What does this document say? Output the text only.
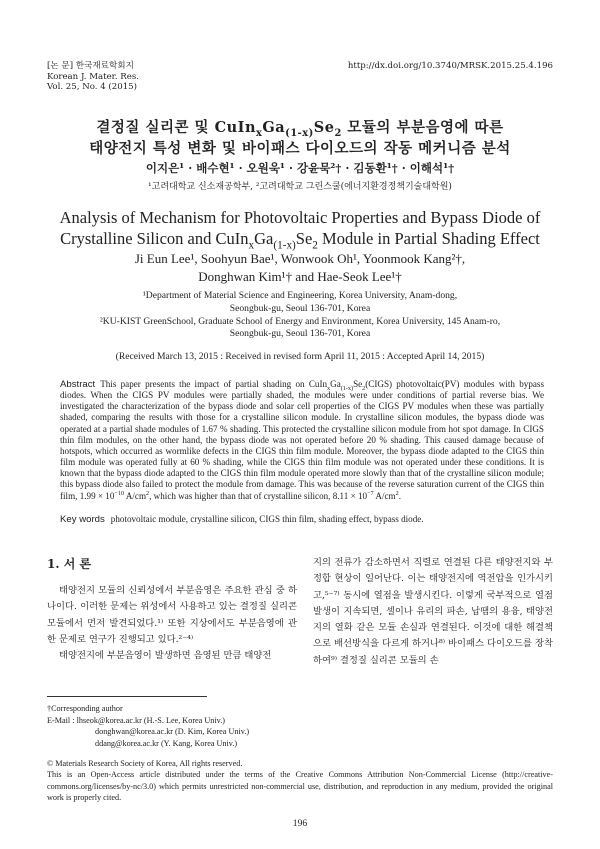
[논 문] 한국재료학회지
Korean J. Mater. Res.
Vol. 25, No. 4 (2015)
http://dx.doi.org/10.3740/MRSK.2015.25.4.196
결정질 실리콘 및 $CuIn_xGa_{(1-x)}Se_2$ 모듈의 부분음영에 따른
태양전지 특성 변화 및 바이패스 다이오드의 작동 메커니즘 분석
이지은¹ · 배수현¹ · 오원욱¹ · 강윤묵²† · 김동환¹† · 이해석¹†
¹고려대학교 신소재공학부, ²고려대학교 그린스쿨(에너지환경정책기술대학원)
Analysis of Mechanism for Photovoltaic Properties and Bypass Diode of
Crystalline Silicon and $CuIn_xGa_{(1-x)}Se_2$ Module in Partial Shading Effect
Ji Eun Lee¹, Soohyun Bae¹, Wonwook Oh¹, Yoonmook Kang²†,
Donghwan Kim¹† and Hae-Seok Lee¹†
¹Department of Material Science and Engineering, Korea University, Anam-dong,
Seongbuk-gu, Seoul 136-701, Korea
²KU-KIST GreenSchool, Graduate School of Energy and Environment, Korea University, 145 Anam-ro,
Seongbuk-gu, Seoul 136-701, Korea
(Received March 13, 2015 : Received in revised form April 11, 2015 : Accepted April 14, 2015)
Abstract This paper presents the impact of partial shading on $CuIn_xGa_{(1-x)}Se_2(CIGS)$ photovoltaic(PV) modules with bypass diodes. When the CIGS PV modules were partially shaded, the modules were under conditions of partial reverse bias. We investigated the characterization of the bypass diode and solar cell properties of the CIGS PV modules when these was partially shaded, comparing the results with those for a crystalline silicon module. In crystalline silicon modules, the bypass diode was operated at a partial shade modules of 1.67 % shading. This protected the crystalline silicon module from hot spot damage. In CIGS thin film modules, on the other hand, the bypass diode was not operated before 20 % shading. This caused damage because of hotspots, which occurred as wormlike defects in the CIGS thin film module. Moreover, the bypass diode adapted to the CIGS thin film module was operated fully at 60 % shading, while the CIGS thin film module was not operated under these conditions. It is known that the bypass diode adapted to the CIGS thin film module operated more slowly than that of the crystalline silicon module; this bypass diode also failed to protect the module from damage. This was because of the reverse saturation current of the CIGS thin film, $1.99 \times 10^{-10}$ $A/cm^2$, which was higher than that of crystalline silicon, $8.11 \times 10^{-7}$ $A/cm^2$.
Key words photovoltaic module, crystalline silicon, CIGS thin film, shading effect, bypass diode.
1. 서 론

태양전지 모듈의 신뢰성에서 부분음영은 주요한 관심 중 하나이다. 이러한 문제는 위성에서 사용하고 있는 결정질 실리콘 모듈에서 먼저 발견되었다.¹⁾ 또한 지상에서도 부분음영에 관한 문제로 연구가 진행되고 있다.²⁻⁴⁾

태양전지에 부분음영이 발생하면 음영된 만큼 태양전

지의 전류가 감소하면서 직렬로 연결된 다른 태양전지와 부정합 현상이 일어난다. 이는 태양전지에 역전압을 인가시키고,⁵⁻⁷⁾ 동시에 열점을 발생시킨다. 이렇게 국부적으로 열점 발생이 지속되면, 셀이나 유리의 파손, 납땜의 용융, 태양전지의 열화 같은 모듈 손실과 연결된다. 이것에 대한 해결책으로 배선방식을 다르게 하거나⁸⁾ 바이패스 다이오드를 장착하여⁹⁾ 결정질 실리콘 모듈의 손

†Corresponding author
E-Mail : lhseok@korea.ac.kr (H.-S. Lee, Korea Univ.)
donghwan@korea.ac.kr (D. Kim, Korea Univ.)
ddang@korea.ac.kr (Y. Kang, Korea Univ.)
© Materials Research Society of Korea, All rights reserved.
This is an Open-Access article distributed under the terms of the Creative Commons Attribution Non-Commercial License (http://creative-commons.org/licenses/by-nc/3.0) which permits unrestricted non-commercial use, distribution, and reproduction in any medium, provided the original work is properly cited.
196
